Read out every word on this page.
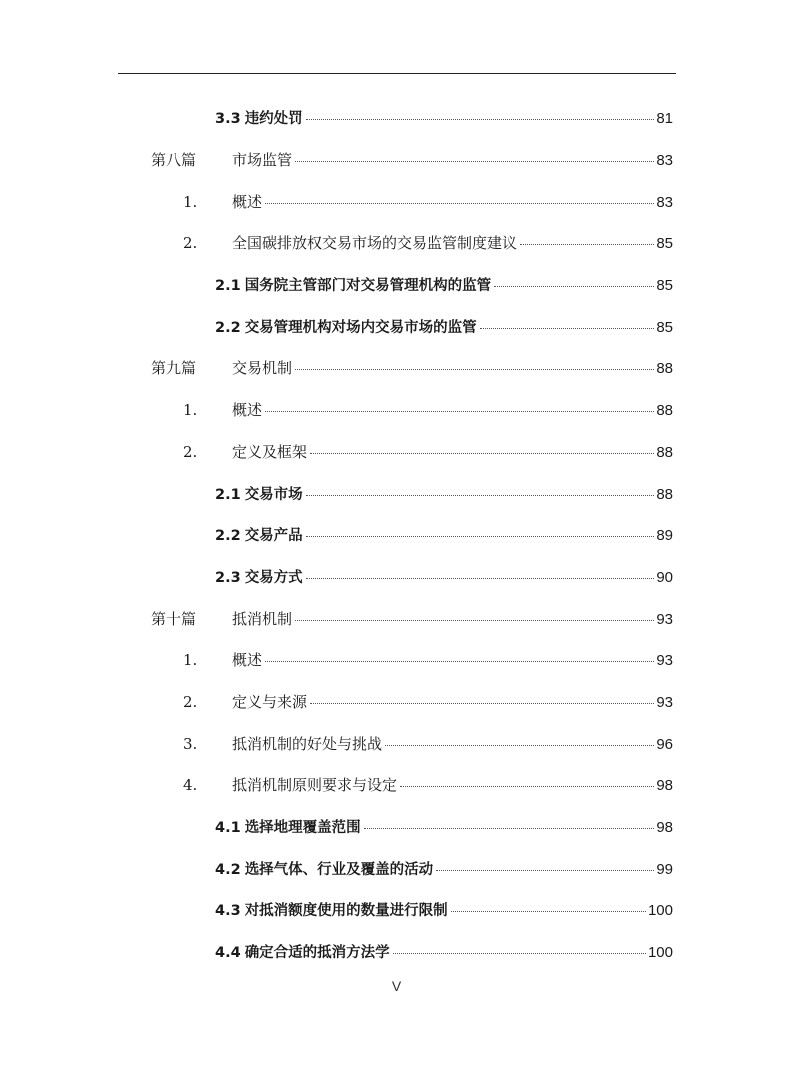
3.3 违约处罚	81
第八篇	市场监管	83
1.	概述	83
2.	全国碳排放权交易市场的交易监管制度建议	85
2.1 国务院主管部门对交易管理机构的监管	85
2.2 交易管理机构对场内交易市场的监管	85
第九篇	交易机制	88
1.	概述	88
2.	定义及框架	88
2.1 交易市场	88
2.2 交易产品	89
2.3 交易方式	90
第十篇	抵消机制	93
1.	概述	93
2.	定义与来源	93
3.	抵消机制的好处与挑战	96
4.	抵消机制原则要求与设定	98
4.1 选择地理覆盖范围	98
4.2 选择气体、行业及覆盖的活动	99
4.3 对抵消额度使用的数量进行限制	100
4.4 确定合适的抵消方法学	100
V
